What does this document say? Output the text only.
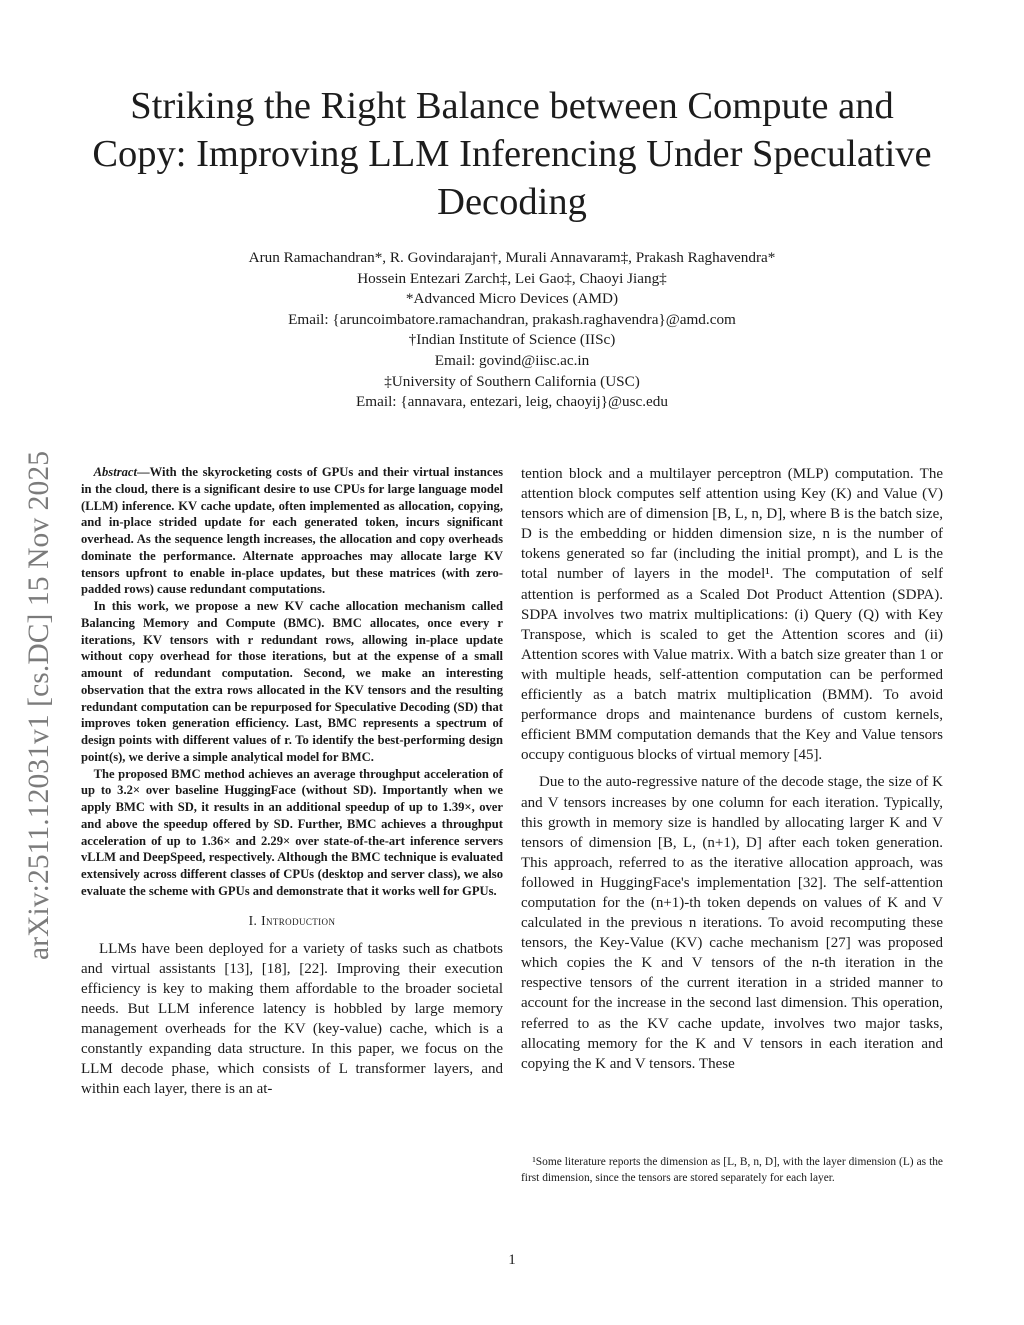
Striking the Right Balance between Compute and Copy: Improving LLM Inferencing Under Speculative Decoding
Arun Ramachandran*, R. Govindarajan†, Murali Annavaram‡, Prakash Raghavendra*
Hossein Entezari Zarch‡, Lei Gao‡, Chaoyi Jiang‡
*Advanced Micro Devices (AMD)
Email: {aruncoimbatore.ramachandran, prakash.raghavendra}@amd.com
†Indian Institute of Science (IISc)
Email: govind@iisc.ac.in
‡University of Southern California (USC)
Email: {annavara, entezari, leig, chaoyij}@usc.edu
arXiv:2511.12031v1 [cs.DC] 15 Nov 2025	Abstract—With the skyrocketing costs of GPUs and their virtual instances in the cloud, there is a significant desire to use CPUs for large language model (LLM) inference. KV cache update, often implemented as allocation, copying, and in-place strided update for each generated token, incurs significant overhead. As the sequence length increases, the allocation and copy overheads dominate the performance. Alternate approaches may allocate large KV tensors upfront to enable in-place updates, but these matrices (with zero-padded rows) cause redundant computations.

In this work, we propose a new KV cache allocation mechanism called Balancing Memory and Compute (BMC). BMC allocates, once every r iterations, KV tensors with r redundant rows, allowing in-place update without copy overhead for those iterations, but at the expense of a small amount of redundant computation. Second, we make an interesting observation that the extra rows allocated in the KV tensors and the resulting redundant computation can be repurposed for Speculative Decoding (SD) that improves token generation efficiency. Last, BMC represents a spectrum of design points with different values of r. To identify the best-performing design point(s), we derive a simple analytical model for BMC.

The proposed BMC method achieves an average throughput acceleration of up to 3.2× over baseline HuggingFace (without SD). Importantly when we apply BMC with SD, it results in an additional speedup of up to 1.39×, over and above the speedup offered by SD. Further, BMC achieves a throughput acceleration of up to 1.36× and 2.29× over state-of-the-art inference servers vLLM and DeepSpeed, respectively. Although the BMC technique is evaluated extensively across different classes of CPUs (desktop and server class), we also evaluate the scheme with GPUs and demonstrate that it works well for GPUs.

I. Introduction

LLMs have been deployed for a variety of tasks such as chatbots and virtual assistants [13], [18], [22]. Improving their execution efficiency is key to making them affordable to the broader societal needs. But LLM inference latency is hobbled by large memory management overheads for the KV (key-value) cache, which is a constantly expanding data structure. In this paper, we focus on the LLM decode phase, which consists of L transformer layers, and within each layer, there is an at-

tention block and a multilayer perceptron (MLP) computation. The attention block computes self attention using Key (K) and Value (V) tensors which are of dimension [B, L, n, D], where B is the batch size, D is the embedding or hidden dimension size, n is the number of tokens generated so far (including the initial prompt), and L is the total number of layers in the model¹. The computation of self attention is performed as a Scaled Dot Product Attention (SDPA). SDPA involves two matrix multiplications: (i) Query (Q) with Key Transpose, which is scaled to get the Attention scores and (ii) Attention scores with Value matrix. With a batch size greater than 1 or with multiple heads, self-attention computation can be performed efficiently as a batch matrix multiplication (BMM). To avoid performance drops and maintenance burdens of custom kernels, efficient BMM computation demands that the Key and Value tensors occupy contiguous blocks of virtual memory [45].

Due to the auto-regressive nature of the decode stage, the size of K and V tensors increases by one column for each iteration. Typically, this growth in memory size is handled by allocating larger K and V tensors of dimension [B, L, (n+1), D] after each token generation. This approach, referred to as the iterative allocation approach, was followed in HuggingFace's implementation [32]. The self-attention computation for the (n+1)-th token depends on values of K and V calculated in the previous n iterations. To avoid recomputing these tensors, the Key-Value (KV) cache mechanism [27] was proposed which copies the K and V tensors of the n-th iteration in the respective tensors of the current iteration in a strided manner to account for the increase in the second last dimension. This operation, referred to as the KV cache update, involves two major tasks, allocating memory for the K and V tensors in each iteration and copying the K and V tensors. These

¹Some literature reports the dimension as [L, B, n, D], with the layer dimension (L) as the first dimension, since the tensors are stored separately for each layer.
1
